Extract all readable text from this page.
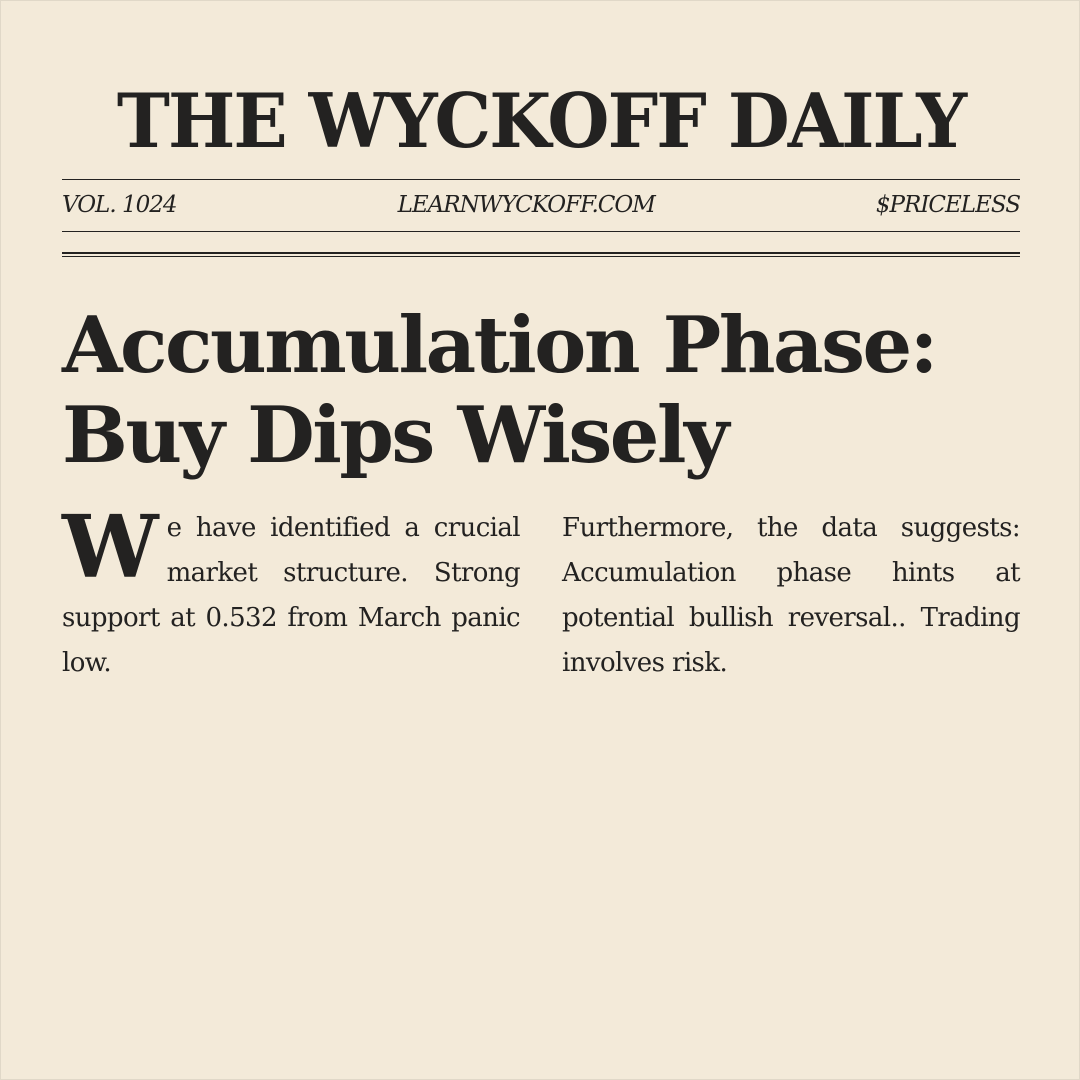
THE WYCKOFF DAILY
VOL. 1024	LEARNWYCKOFF.COM	$PRICELESS
Accumulation Phase:
Buy Dips Wisely
We have identified a crucial market structure. Strong support at 0.532 from March panic low.
Furthermore, the data suggests: Accumulation phase hints at potential bullish reversal.. Trading involves risk.
